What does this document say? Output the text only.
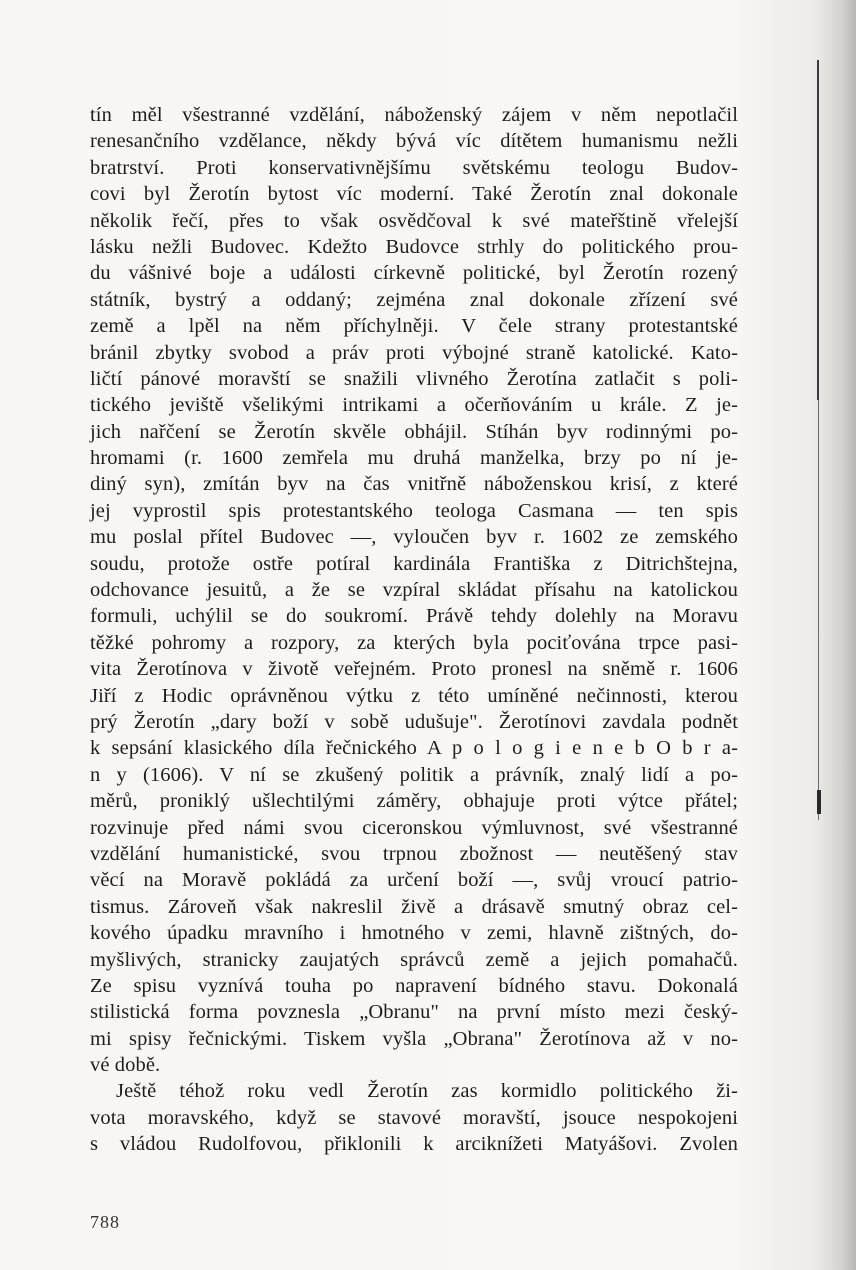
tín měl všestranné vzdělání, náboženský zájem v něm nepotlačil
renesančního vzdělance, někdy bývá víc dítětem humanismu nežli
bratrství. Proti konservativnějšímu světskému teologu Budov-
covi byl Žerotín bytost víc moderní. Také Žerotín znal dokonale
několik řečí, přes to však osvědčoval k své mateřštině vřelejší
lásku nežli Budovec. Kdežto Budovce strhly do politického prou-
du vášnivé boje a události církevně politické, byl Žerotín rozený
státník, bystrý a oddaný; zejména znal dokonale zřízení své
země a lpěl na něm příchylněji. V čele strany protestantské
bránil zbytky svobod a práv proti výbojné straně katolické. Kato-
ličtí pánové moravští se snažili vlivného Žerotína zatlačit s poli-
tického jeviště všelikými intrikami a očerňováním u krále. Z je-
jich nařčení se Žerotín skvěle obhájil. Stíhán byv rodinnými po-
hromami (r. 1600 zemřela mu druhá manželka, brzy po ní je-
diný syn), zmítán byv na čas vnitřně náboženskou krisí, z které
jej vyprostil spis protestantského teologa Casmana — ten spis
mu poslal přítel Budovec —, vyloučen byv r. 1602 ze zemského
soudu, protože ostře potíral kardinála Františka z Ditrichštejna,
odchovance jesuitů, a že se vzpíral skládat přísahu na katolickou
formuli, uchýlil se do soukromí. Právě tehdy dolehly na Moravu
těžké pohromy a rozpory, za kterých byla pociťována trpce pasi-
vita Žerotínova v životě veřejném. Proto pronesl na sněmě r. 1606
Jiří z Hodic oprávněnou výtku z této umíněné nečinnosti, kterou
prý Žerotín „dary boží v sobě udušuje". Žerotínovi zavdala podnět
k sepsání klasického díla řečnického A p o l o g i e n e b O b r a-
n y (1606). V ní se zkušený politik a právník, znalý lidí a po-
měrů, proniklý ušlechtilými záměry, obhajuje proti výtce přátel;
rozvinuje před námi svou ciceronskou výmluvnost, své všestranné
vzdělání humanistické, svou trpnou zbožnost — neutěšený stav
věcí na Moravě pokládá za určení boží —, svůj vroucí patrio-
tismus. Zároveň však nakreslil živě a drásavě smutný obraz cel-
kového úpadku mravního i hmotného v zemi, hlavně zištných, do-
myšlivých, stranicky zaujatých správců země a jejich pomahačů.
Ze spisu vyznívá touha po napravení bídného stavu. Dokonalá
stilistická forma povznesla „Obranu" na první místo mezi český-
mi spisy řečnickými. Tiskem vyšla „Obrana" Žerotínova až v no-
vé době.
Ještě téhož roku vedl Žerotín zas kormidlo politického ži-
vota moravského, když se stavové moravští, jsouce nespokojeni
s vládou Rudolfovou, přiklonili k arciknížeti Matyášovi. Zvolen
788
